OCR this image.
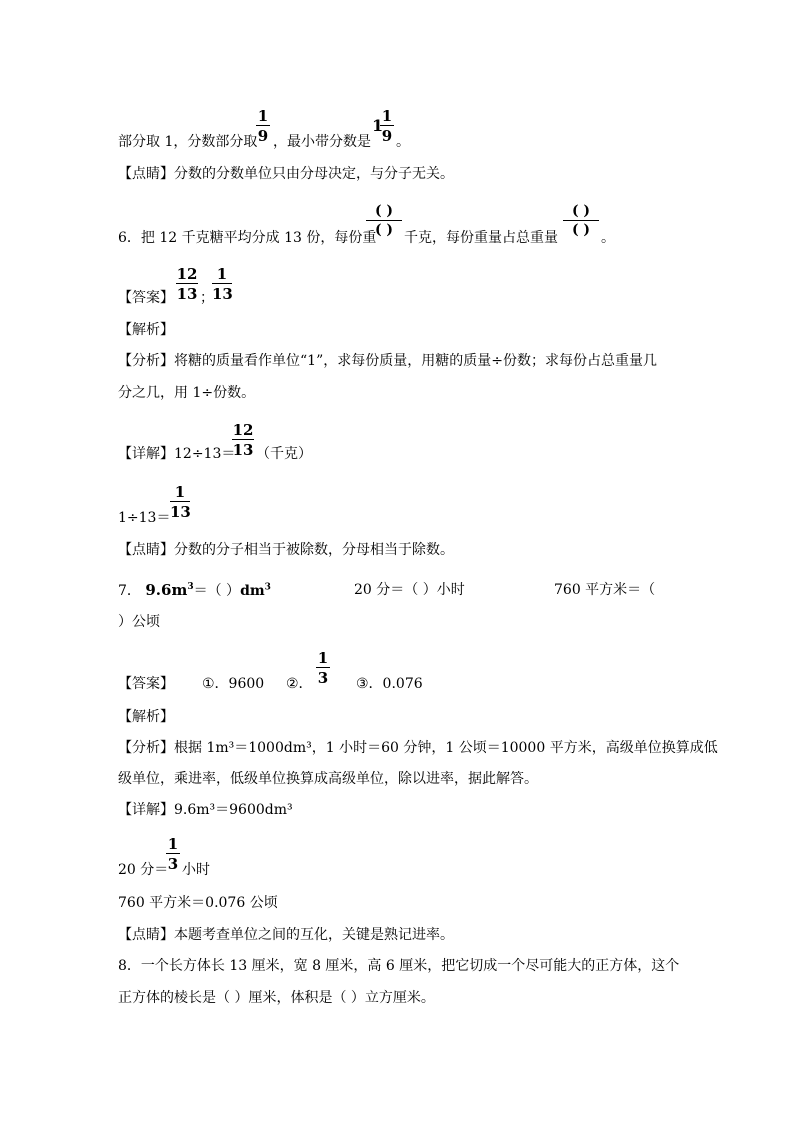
部分取 1，分数部分取
1
9 ，最小带分数是
1
1
9 。
【点睛】分数的分数单位只由分母决定，与分子无关。
6．把 12 千克糖平均分成 13 份，每份重
( )
( ) 千克，每份重量占总重量
( )
( ) 。
【答案】
12
13 ；
1
13
【解析】
【分析】将糖的质量看作单位“1”，求每份质量，用糖的质量÷份数；求每份占总重量几
分之几，用 1÷份数。
【详解】12÷13＝
12
13 （千克）
1÷13＝
1
13
【点睛】分数的分子相当于被除数，分母相当于除数。
7． $9.6m^3=$（ ）$dm^3$	20 分＝（ ）小时	760 平方米＝（
）公顷
【答案】 ①．9600 ②．
1
3 ③．0.076
【解析】
【分析】根据 1m³＝1000dm³，1 小时＝60 分钟，1 公顷＝10000 平方米，高级单位换算成低
级单位，乘进率，低级单位换算成高级单位，除以进率，据此解答。
【详解】9.6m³＝9600dm³
20 分＝
1
3 小时
760 平方米＝0.076 公顷
【点睛】本题考查单位之间的互化，关键是熟记进率。
8．一个长方体长 13 厘米，宽 8 厘米，高 6 厘米，把它切成一个尽可能大的正方体，这个
正方体的棱长是（ ）厘米，体积是（ ）立方厘米。
